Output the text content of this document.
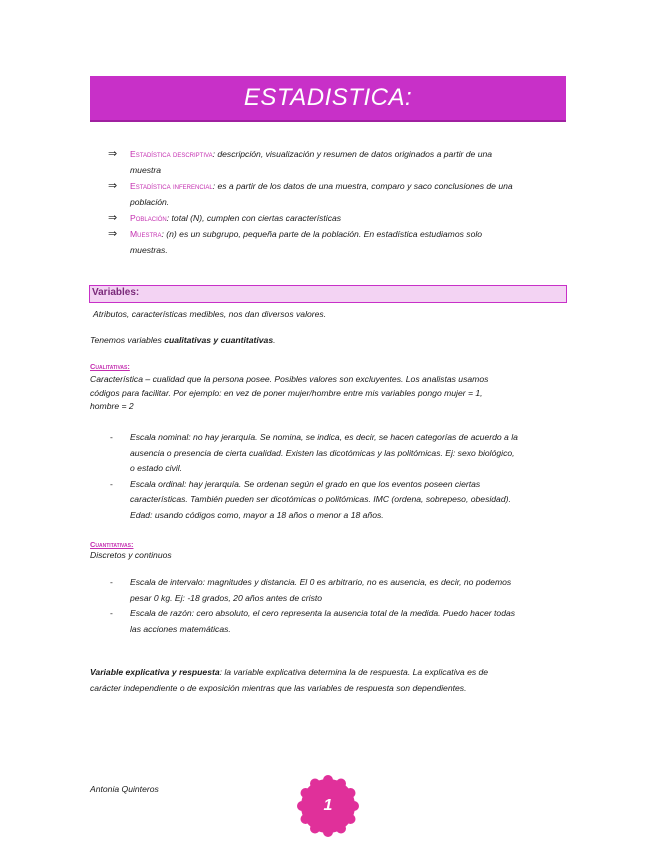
ESTADISTICA:
⇒ Estadística descriptiva: descripción, visualización y resumen de datos originados a partir de una
muestra
⇒ Estadística inferencial: es a partir de los datos de una muestra, comparo y saco conclusiones de una
población.
⇒ Población: total (N), cumplen con ciertas características
⇒ Muestra: (n) es un subgrupo, pequeña parte de la población. En estadística estudiamos solo
muestras.
Variables:
Atributos, características medibles, nos dan diversos valores.
Tenemos variables cualitativas y cuantitativas.
Cualitativas:
Característica – cualidad que la persona posee. Posibles valores son excluyentes. Los analistas usamos
códigos para facilitar. Por ejemplo: en vez de poner mujer/hombre entre mis variables pongo mujer = 1,
hombre = 2
- Escala nominal: no hay jerarquía. Se nomina, se indica, es decir, se hacen categorías de acuerdo a la
ausencia o presencia de cierta cualidad. Existen las dicotómicas y las politómicas. Ej: sexo biológico,
o estado civil.
- Escala ordinal: hay jerarquía. Se ordenan según el grado en que los eventos poseen ciertas
características. También pueden ser dicotómicas o politómicas. IMC (ordena, sobrepeso, obesidad).
Edad: usando códigos como, mayor a 18 años o menor a 18 años.
Cuantitativas:
Discretos y continuos
- Escala de intervalo: magnitudes y distancia. El 0 es arbitrario, no es ausencia, es decir, no podemos
pesar 0 kg. Ej: -18 grados, 20 años antes de cristo
- Escala de razón: cero absoluto, el cero representa la ausencia total de la medida. Puedo hacer todas
las acciones matemáticas.
Variable explicativa y respuesta: la variable explicativa determina la de respuesta. La explicativa es de
carácter independiente o de exposición mientras que las variables de respuesta son dependientes.
Antonia Quinteros
1
